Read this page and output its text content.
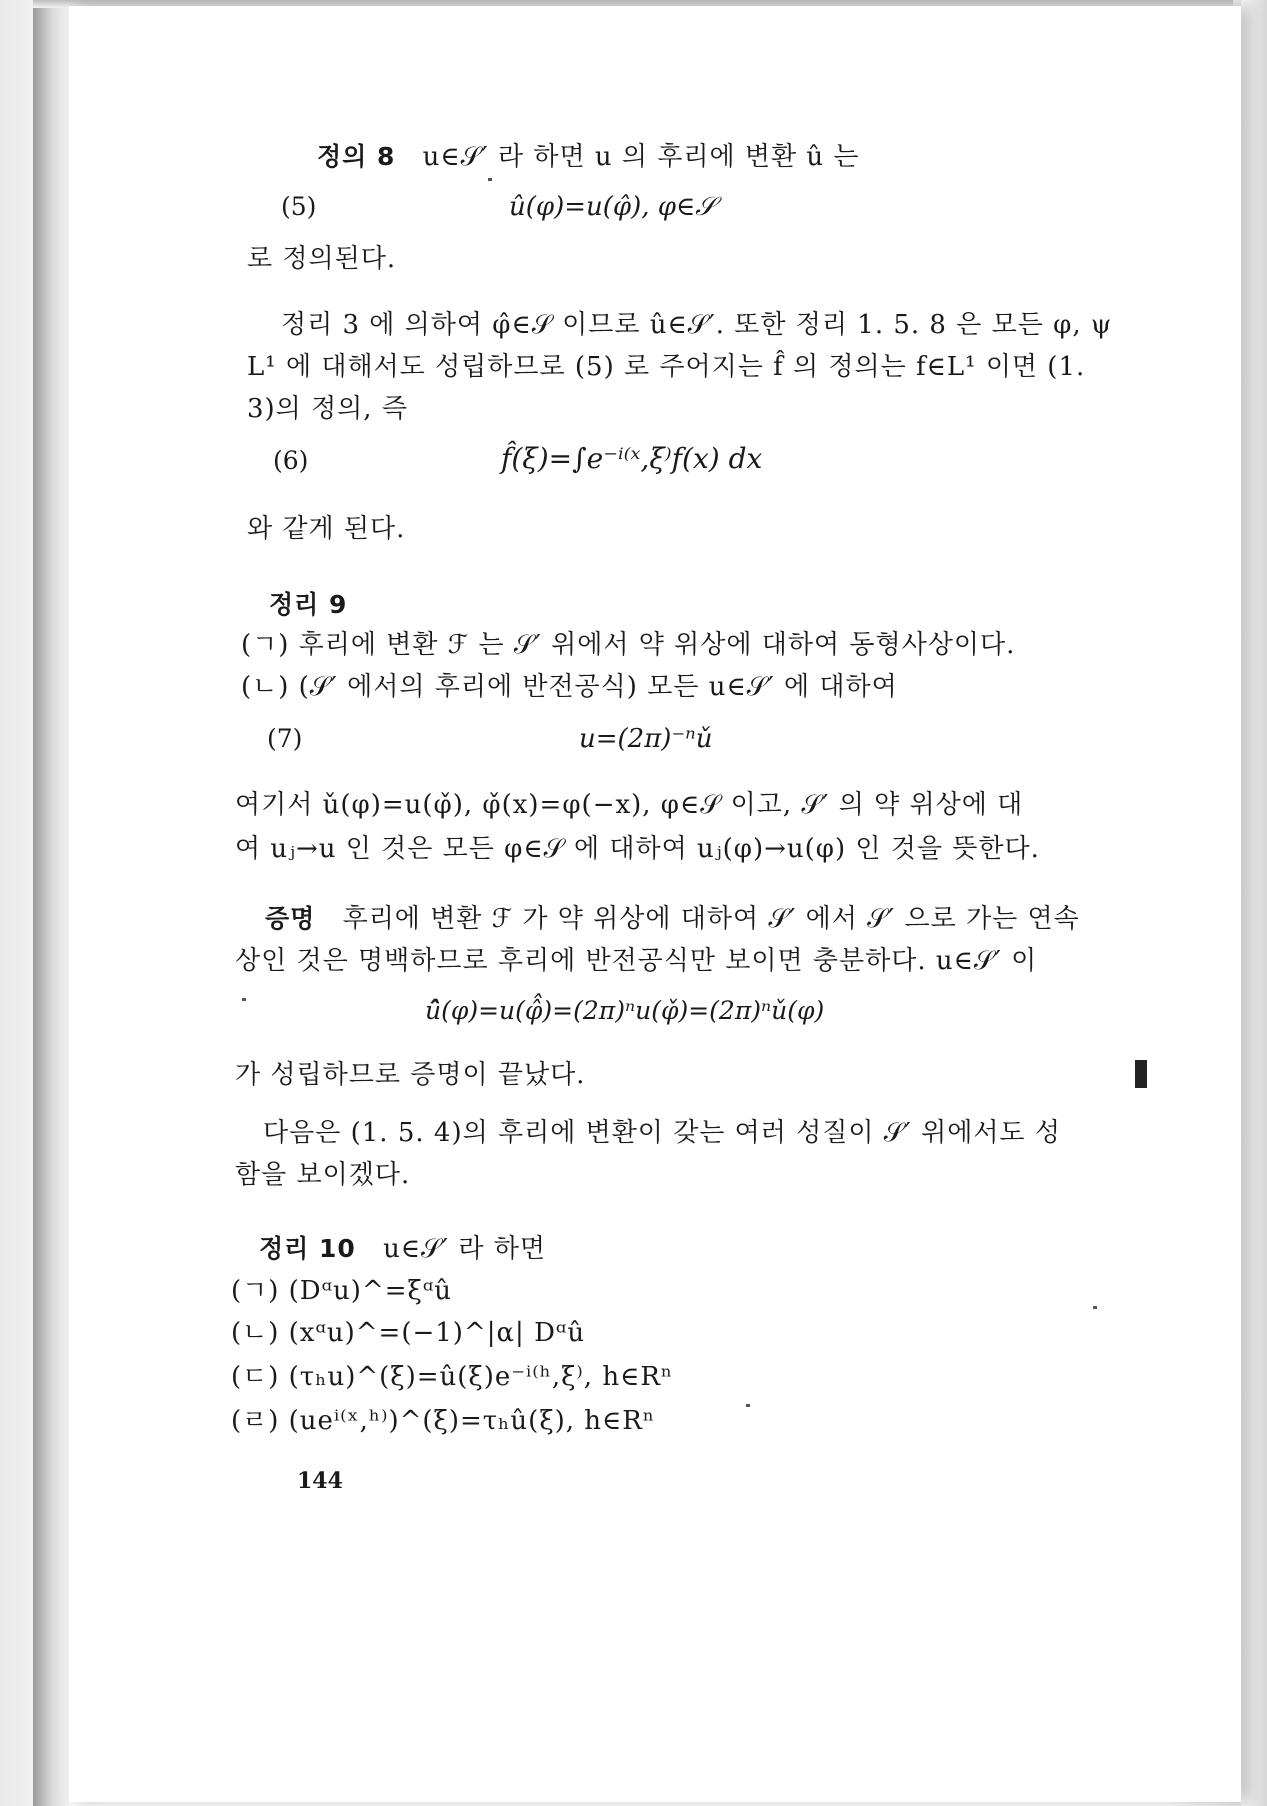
정의 8 u∈𝒮′ 라 하면 u 의 후리에 변환 û 는
(5)	û(φ)=u(φ̂), φ∈𝒮
로 정의된다.
정리 3 에 의하여 φ̂∈𝒮 이므로 û∈𝒮′. 또한 정리 1. 5. 8 은 모든 φ, ψ
L¹ 에 대해서도 성립하므로 (5) 로 주어지는 f̂ 의 정의는 f∈L¹ 이면 (1.
3)의 정의, 즉
(6)	f̂(ξ)=∫e⁻ⁱ⁽ˣ,ξ⁾f(x) dx
와 같게 된다.
정리 9
(ㄱ) 후리에 변환 ℱ 는 𝒮′ 위에서 약 위상에 대하여 동형사상이다.
(ㄴ) (𝒮′ 에서의 후리에 반전공식) 모든 u∈𝒮′ 에 대하여
(7)	u=(2π)⁻ⁿǔ
여기서 ǔ(φ)=u(φ̌), φ̌(x)=φ(−x), φ∈𝒮 이고, 𝒮′ 의 약 위상에 대
여 uⱼ→u 인 것은 모든 φ∈𝒮 에 대하여 uⱼ(φ)→u(φ) 인 것을 뜻한다.
증명 후리에 변환 ℱ 가 약 위상에 대하여 𝒮′ 에서 𝒮′ 으로 가는 연속
상인 것은 명백하므로 후리에 반전공식만 보이면 충분하다. u∈𝒮′ 이
û̂(φ)=u(φ̂̂)=(2π)ⁿu(φ̌)=(2π)ⁿǔ(φ)
가 성립하므로 증명이 끝났다.
다음은 (1. 5. 4)의 후리에 변환이 갖는 여러 성질이 𝒮′ 위에서도 성
함을 보이겠다.
정리 10 u∈𝒮′ 라 하면
(ㄱ) (Dᵅu)^=ξᵅû
(ㄴ) (xᵅu)^=(−1)^|α| Dᵅû
(ㄷ) (τₕu)^(ξ)=û(ξ)e⁻ⁱ⁽ʰ,ξ⁾, h∈Rⁿ
(ㄹ) (ueⁱ⁽ˣ,ʰ⁾)^(ξ)=τₕû(ξ), h∈Rⁿ
144
